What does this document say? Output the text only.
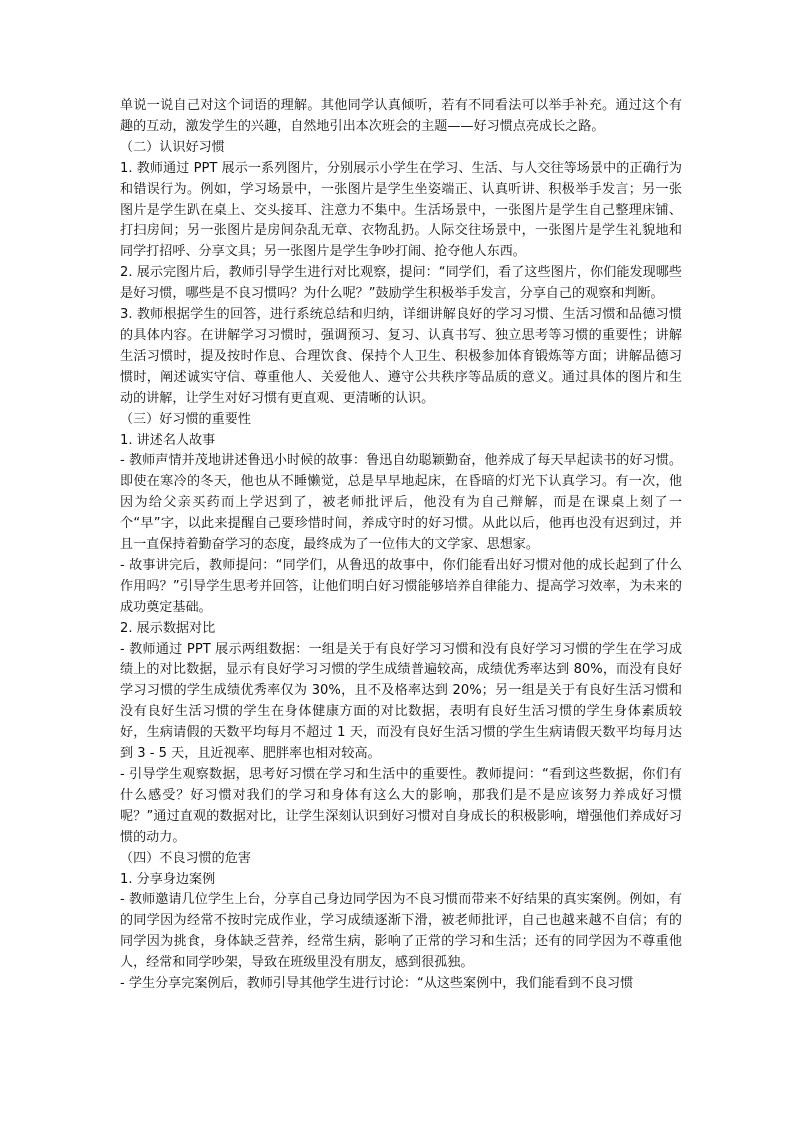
单说一说自己对这个词语的理解。其他同学认真倾听，若有不同看法可以举手补充。通过这个有趣的互动，激发学生的兴趣，自然地引出本次班会的主题——好习惯点亮成长之路。

（二）认识好习惯

1. 教师通过 PPT 展示一系列图片，分别展示小学生在学习、生活、与人交往等场景中的正确行为和错误行为。例如，学习场景中，一张图片是学生坐姿端正、认真听讲、积极举手发言；另一张图片是学生趴在桌上、交头接耳、注意力不集中。生活场景中，一张图片是学生自己整理床铺、打扫房间；另一张图片是房间杂乱无章、衣物乱扔。人际交往场景中，一张图片是学生礼貌地和同学打招呼、分享文具；另一张图片是学生争吵打闹、抢夺他人东西。

2. 展示完图片后，教师引导学生进行对比观察，提问：“同学们，看了这些图片，你们能发现哪些是好习惯，哪些是不良习惯吗？为什么呢？”鼓励学生积极举手发言，分享自己的观察和判断。

3. 教师根据学生的回答，进行系统总结和归纳，详细讲解良好的学习习惯、生活习惯和品德习惯的具体内容。在讲解学习习惯时，强调预习、复习、认真书写、独立思考等习惯的重要性；讲解生活习惯时，提及按时作息、合理饮食、保持个人卫生、积极参加体育锻炼等方面；讲解品德习惯时，阐述诚实守信、尊重他人、关爱他人、遵守公共秩序等品质的意义。通过具体的图片和生动的讲解，让学生对好习惯有更直观、更清晰的认识。

（三）好习惯的重要性

1. 讲述名人故事

- 教师声情并茂地讲述鲁迅小时候的故事：鲁迅自幼聪颖勤奋，他养成了每天早起读书的好习惯。即使在寒冷的冬天，他也从不睡懒觉，总是早早地起床，在昏暗的灯光下认真学习。有一次，他因为给父亲买药而上学迟到了，被老师批评后，他没有为自己辩解，而是在课桌上刻了一个“早”字，以此来提醒自己要珍惜时间，养成守时的好习惯。从此以后，他再也没有迟到过，并且一直保持着勤奋学习的态度，最终成为了一位伟大的文学家、思想家。

- 故事讲完后，教师提问：“同学们，从鲁迅的故事中，你们能看出好习惯对他的成长起到了什么作用吗？”引导学生思考并回答，让他们明白好习惯能够培养自律能力、提高学习效率，为未来的成功奠定基础。

2. 展示数据对比

- 教师通过 PPT 展示两组数据：一组是关于有良好学习习惯和没有良好学习习惯的学生在学习成绩上的对比数据，显示有良好学习习惯的学生成绩普遍较高，成绩优秀率达到 80%，而没有良好学习习惯的学生成绩优秀率仅为 30%，且不及格率达到 20%；另一组是关于有良好生活习惯和没有良好生活习惯的学生在身体健康方面的对比数据，表明有良好生活习惯的学生身体素质较好，生病请假的天数平均每月不超过 1 天，而没有良好生活习惯的学生生病请假天数平均每月达到 3 - 5 天，且近视率、肥胖率也相对较高。

- 引导学生观察数据，思考好习惯在学习和生活中的重要性。教师提问：“看到这些数据，你们有什么感受？好习惯对我们的学习和身体有这么大的影响，那我们是不是应该努力养成好习惯呢？”通过直观的数据对比，让学生深刻认识到好习惯对自身成长的积极影响，增强他们养成好习惯的动力。

（四）不良习惯的危害

1. 分享身边案例

- 教师邀请几位学生上台，分享自己身边同学因为不良习惯而带来不好结果的真实案例。例如，有的同学因为经常不按时完成作业，学习成绩逐渐下滑，被老师批评，自己也越来越不自信；有的同学因为挑食，身体缺乏营养，经常生病，影响了正常的学习和生活；还有的同学因为不尊重他人，经常和同学吵架，导致在班级里没有朋友，感到很孤独。

- 学生分享完案例后，教师引导其他学生进行讨论：“从这些案例中，我们能看到不良习惯
